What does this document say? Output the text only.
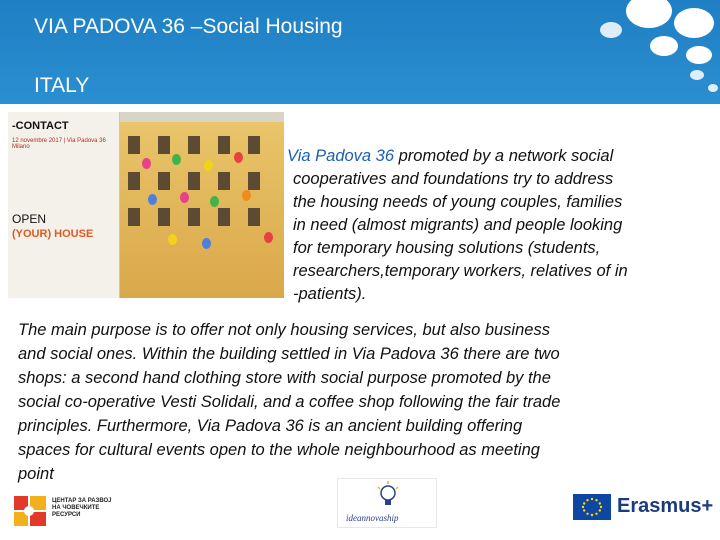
VIA PADOVA 36 –Social Housing
ITALY
-CONTACT
12 novembre 2017 | Via Padova 36 Milano
OPEN
(YOUR) HOUSE
Via Padova 36 promoted by a network social
cooperatives and foundations try to address
the housing needs of young couples, families
in need (almost migrants) and people looking
for temporary housing solutions (students,
researchers,temporary workers, relatives of in
-patients).
The main purpose is to offer not only housing services, but also business
and social ones. Within the building settled in Via Padova 36 there are two
shops: a second hand clothing store with social purpose promoted by the
social co-operative Vesti Solidali, and a coffee shop following the fair trade
principles. Furthermore, Via Padova 36 is an ancient building offering
spaces for cultural events open to the whole neighbourhood as meeting
point
ЦЕНТАР ЗА РАЗВОЈ НА ЧОВЕЧКИТЕ РЕСУРСИ	ideannovaship
Erasmus+
